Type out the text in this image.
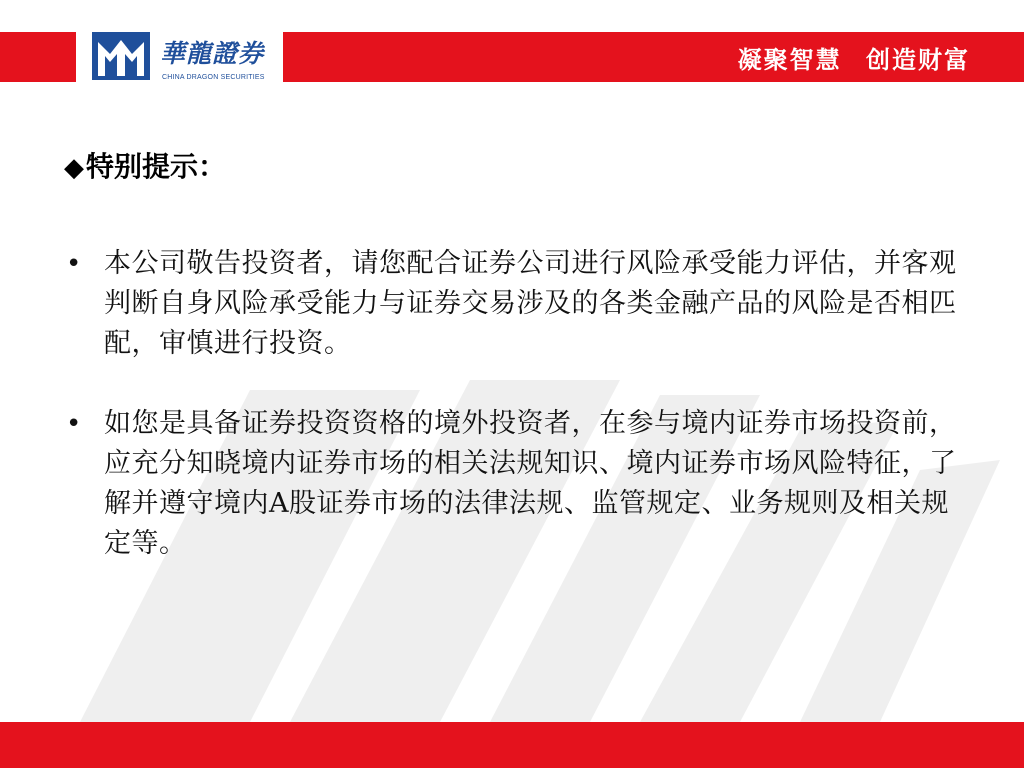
華龍證券
CHINA DRAGON SECURITIES
凝聚智慧 创造财富
◆特别提示：
• 本公司敬告投资者，请您配合证券公司进行风险承受能力评估，并客观判断自身风险承受能力与证券交易涉及的各类金融产品的风险是否相匹配，审慎进行投资。
• 如您是具备证券投资资格的境外投资者，在参与境内证券市场投资前，应充分知晓境内证券市场的相关法规知识、境内证券市场风险特征，了解并遵守境内A股证券市场的法律法规、监管规定、业务规则及相关规定等。
